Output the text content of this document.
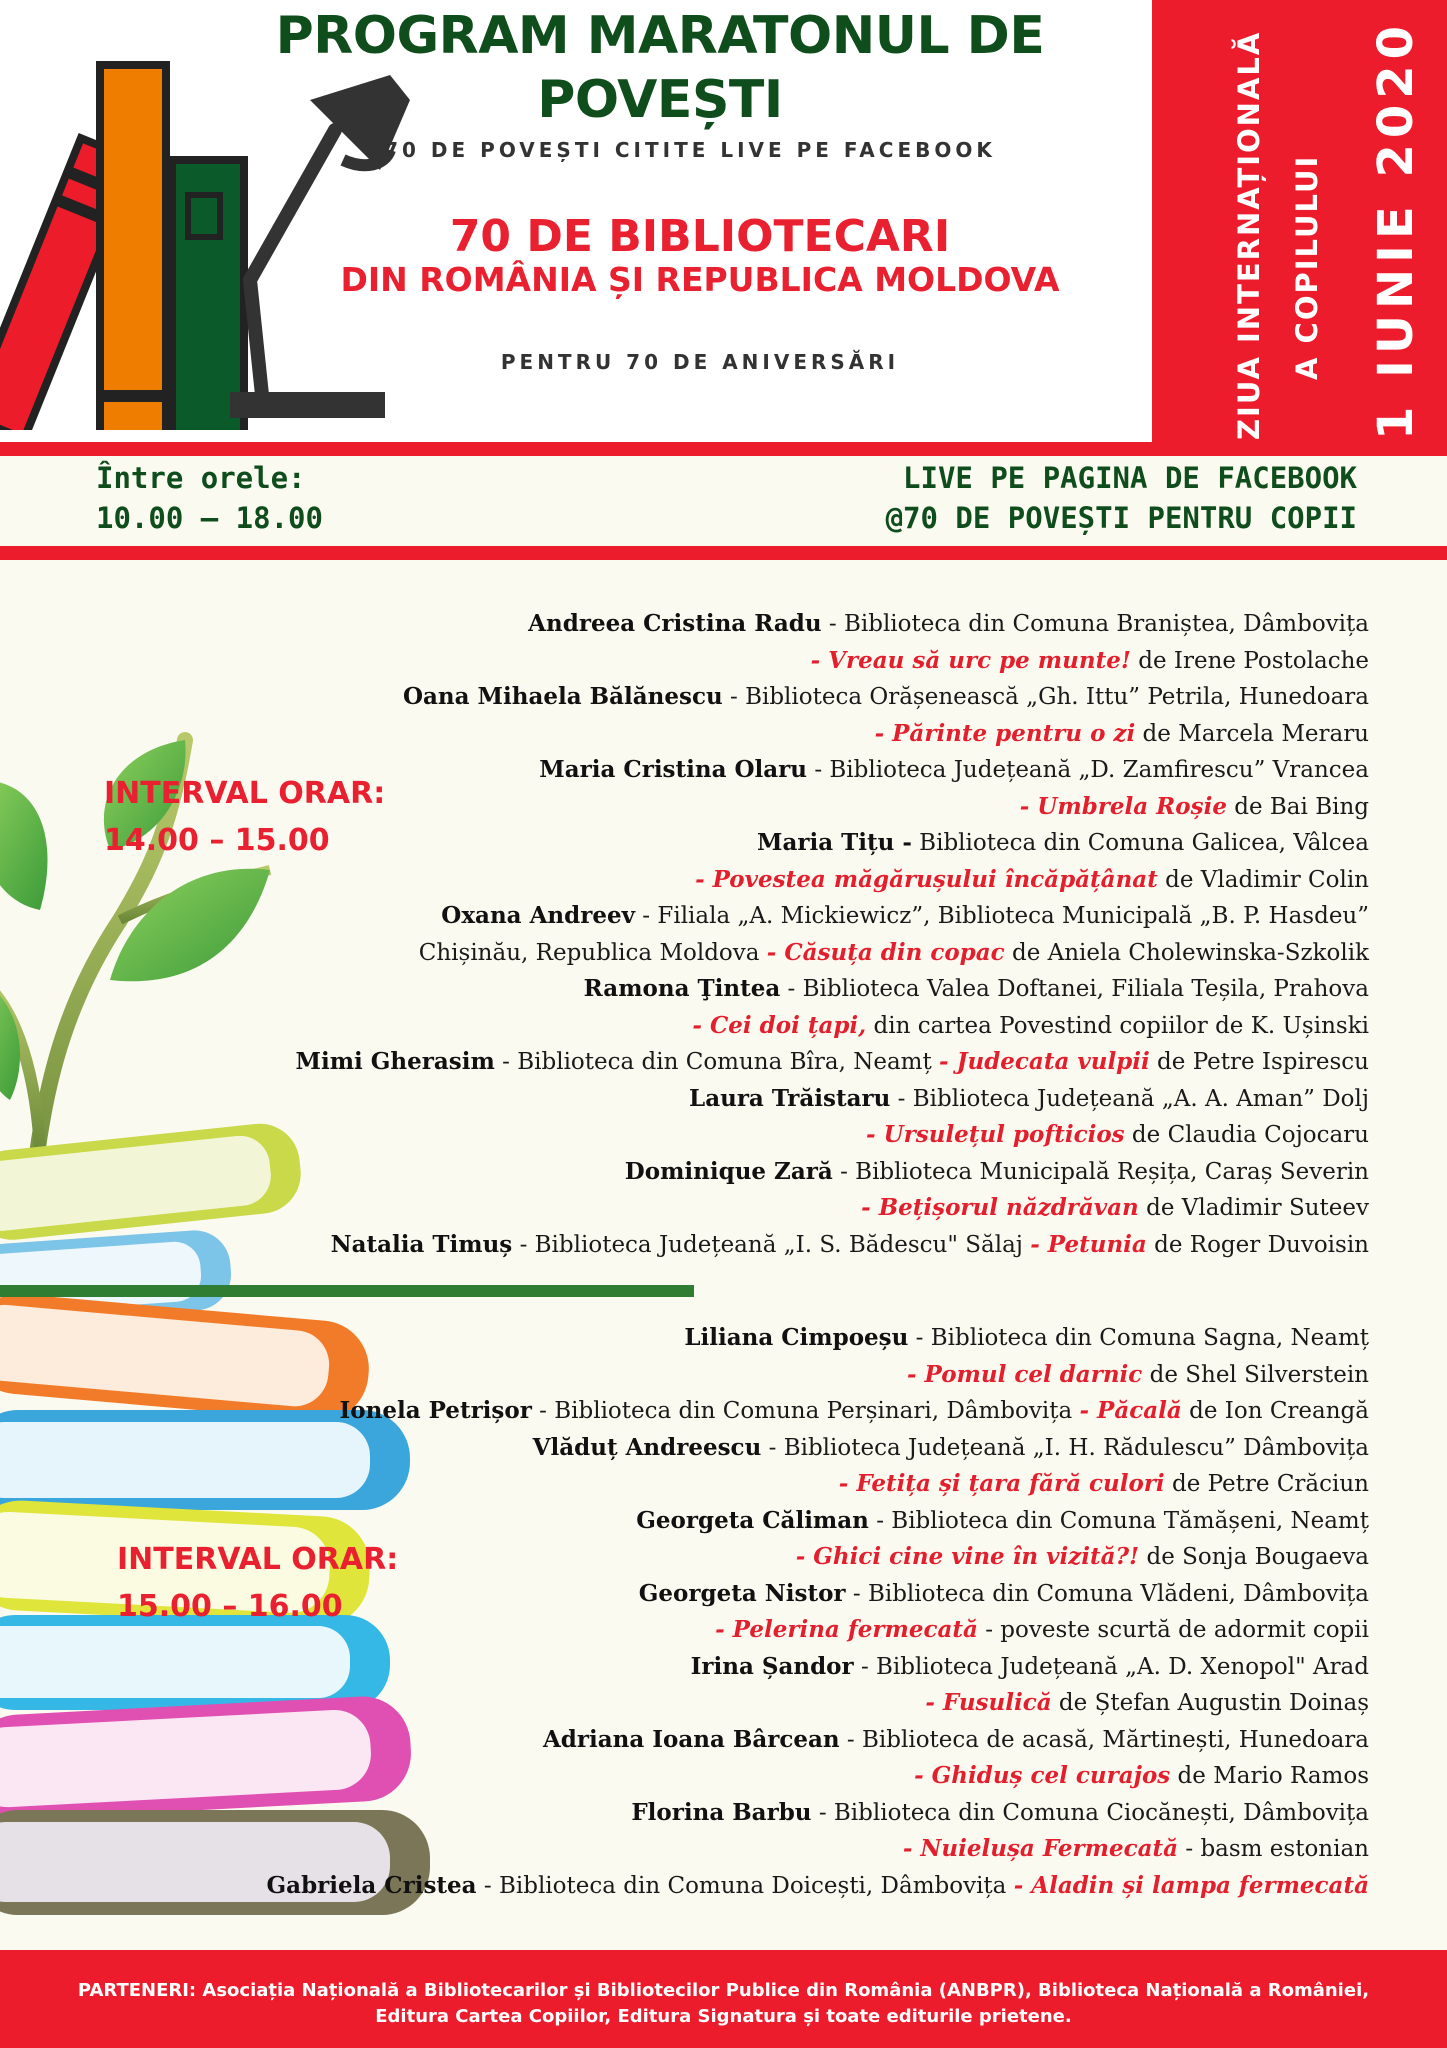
PROGRAM MARATONUL DE POVEȘTI
70 DE POVEȘTI CITITE LIVE PE FACEBOOK
70 DE BIBLIOTECARI
DIN ROMÂNIA ȘI REPUBLICA MOLDOVA
PENTRU 70 DE ANIVERSĂRI	ZIUA INTERNAȚIONALĂ A COPILULUI 1 IUNIE 2020
Între orele:
10.00 – 18.00
LIVE PE PAGINA DE FACEBOOK
@70 DE POVEȘTI PENTRU COPII
INTERVAL ORAR:
14.00 – 15.00
Andreea Cristina Radu - Biblioteca din Comuna Braniștea, Dâmbovița
- Vreau să urc pe munte! de Irene Postolache
Oana Mihaela Bălănescu - Biblioteca Orășenească „Gh. Ittu” Petrila, Hunedoara
- Părinte pentru o zi de Marcela Meraru
Maria Cristina Olaru - Biblioteca Județeană „D. Zamfirescu” Vrancea
- Umbrela Roșie de Bai Bing
Maria Tițu - Biblioteca din Comuna Galicea, Vâlcea
- Povestea măgărușului încăpățânat de Vladimir Colin
Oxana Andreev - Filiala „A. Mickiewicz”, Biblioteca Municipală „B. P. Hasdeu”
Chișinău, Republica Moldova - Căsuța din copac de Aniela Cholewinska-Szkolik
Ramona Ţintea - Biblioteca Valea Doftanei, Filiala Teșila, Prahova
- Cei doi țapi, din cartea Povestind copiilor de K. Ușinski
Mimi Gherasim - Biblioteca din Comuna Bîra, Neamț - Judecata vulpii de Petre Ispirescu
Laura Trăistaru - Biblioteca Județeană „A. A. Aman” Dolj
- Ursulețul pofticios de Claudia Cojocaru
Dominique Zară - Biblioteca Municipală Reșița, Caraș Severin
- Bețișorul năzdrăvan de Vladimir Suteev
Natalia Timuș - Biblioteca Județeană „I. S. Bădescu" Sălaj - Petunia de Roger Duvoisin
INTERVAL ORAR:
15.00 – 16.00
Liliana Cimpoeșu - Biblioteca din Comuna Sagna, Neamț
- Pomul cel darnic de Shel Silverstein
Ionela Petrișor - Biblioteca din Comuna Perșinari, Dâmbovița - Păcală de Ion Creangă
Vlăduț Andreescu - Biblioteca Județeană „I. H. Rădulescu” Dâmbovița
- Fetița și țara fără culori de Petre Crăciun
Georgeta Căliman - Biblioteca din Comuna Tămășeni, Neamț
- Ghici cine vine în vizită?! de Sonja Bougaeva
Georgeta Nistor - Biblioteca din Comuna Vlădeni, Dâmbovița
- Pelerina fermecată - poveste scurtă de adormit copii
Irina Șandor - Biblioteca Județeană „A. D. Xenopol" Arad
- Fusulică de Ștefan Augustin Doinaș
Adriana Ioana Bârcean - Biblioteca de acasă, Mărtinești, Hunedoara
- Ghiduș cel curajos de Mario Ramos
Florina Barbu - Biblioteca din Comuna Ciocănești, Dâmbovița
- Nuielușa Fermecată - basm estonian
Gabriela Cristea - Biblioteca din Comuna Doicești, Dâmbovița - Aladin și lampa fermecată
PARTENERI: Asociația Națională a Bibliotecarilor și Bibliotecilor Publice din România (ANBPR), Biblioteca Națională a României,
Editura Cartea Copiilor, Editura Signatura și toate editurile prietene.
